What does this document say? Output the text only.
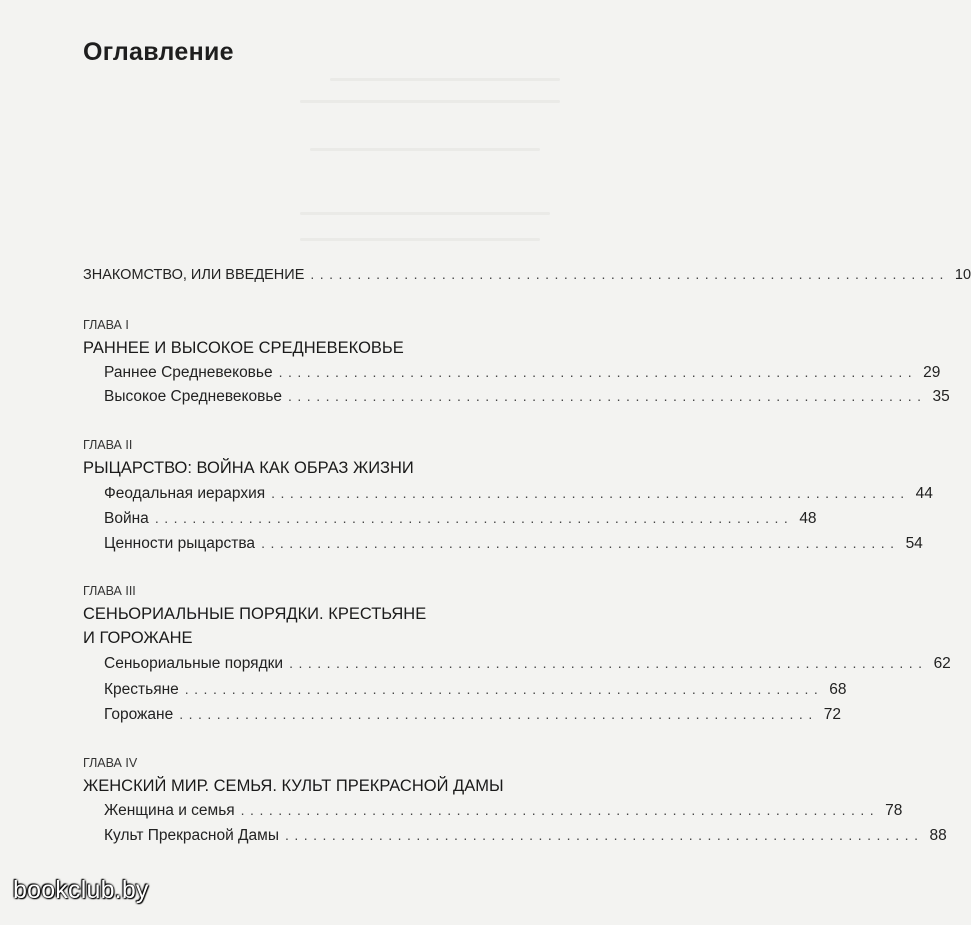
Оглавление
ЗНАКОМСТВО, ИЛИ ВВЕДЕНИЕ .................................................................... 10
ГЛАВА I
РАННЕЕ И ВЫСОКОЕ СРЕДНЕВЕКОВЬЕ
Раннее Средневековье .................................................................... 29
Высокое Средневековье .................................................................... 35
ГЛАВА II
РЫЦАРСТВО: ВОЙНА КАК ОБРАЗ ЖИЗНИ
Феодальная иерархия .................................................................... 44
Война .................................................................... 48
Ценности рыцарства .................................................................... 54
ГЛАВА III
СЕНЬОРИАЛЬНЫЕ ПОРЯДКИ. КРЕСТЬЯНЕ
И ГОРОЖАНЕ
Сеньориальные порядки .................................................................... 62
Крестьяне .................................................................... 68
Горожане .................................................................... 72
ГЛАВА IV
ЖЕНСКИЙ МИР. СЕМЬЯ. КУЛЬТ ПРЕКРАСНОЙ ДАМЫ
Женщина и семья .................................................................... 78
Культ Прекрасной Дамы .................................................................... 88
bookclub.by
